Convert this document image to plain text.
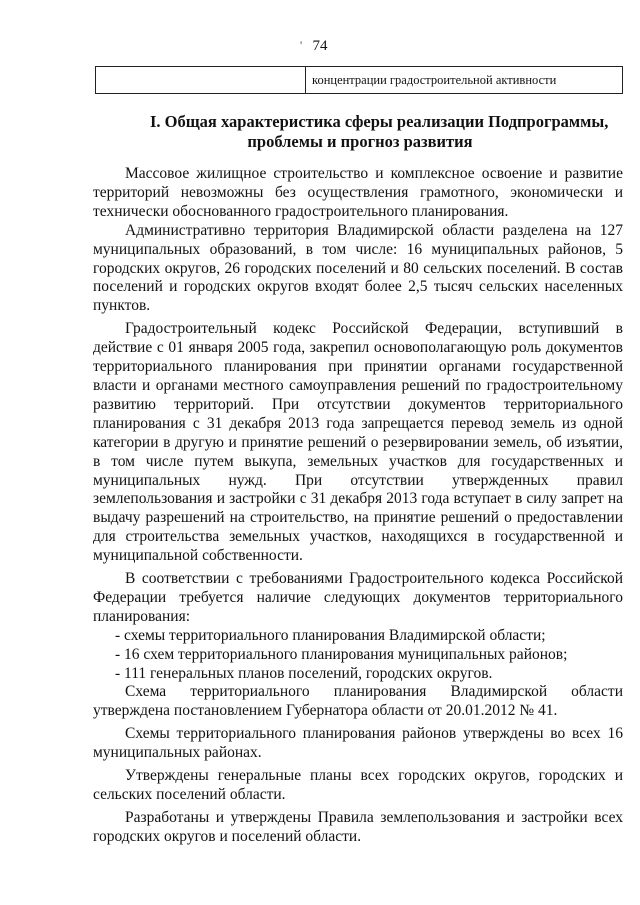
74
'
концентрации градостроительной активности
I. Общая характеристика сферы реализации Подпрограммы,
проблемы и прогноз развития

Массовое жилищное строительство и комплексное освоение и развитие территорий невозможны без осуществления грамотного, экономически и технически обоснованного градостроительного планирования.

Административно территория Владимирской области разделена на 127 муниципальных образований, в том числе: 16 муниципальных районов, 5 городских округов, 26 городских поселений и 80 сельских поселений. В состав поселений и городских округов входят более 2,5 тысяч сельских населенных пунктов.

Градостроительный кодекс Российской Федерации, вступивший в действие с 01 января 2005 года, закрепил основополагающую роль документов территориального планирования при принятии органами государственной власти и органами местного самоуправления решений по градостроительному развитию территорий. При отсутствии документов территориального планирования с 31 декабря 2013 года запрещается перевод земель из одной категории в другую и принятие решений о резервировании земель, об изъятии, в том числе путем выкупа, земельных участков для государственных и муниципальных нужд. При отсутствии утвержденных правил землепользования и застройки с 31 декабря 2013 года вступает в силу запрет на выдачу разрешений на строительство, на принятие решений о предоставлении для строительства земельных участков, находящихся в государственной и муниципальной собственности.

В соответствии с требованиями Градостроительного кодекса Российской Федерации требуется наличие следующих документов территориального планирования:

- схемы территориального планирования Владимирской области;

- 16 схем территориального планирования муниципальных районов;

- 111 генеральных планов поселений, городских округов.

Схема территориального планирования Владимирской области утверждена постановлением Губернатора области от 20.01.2012 № 41.

Схемы территориального планирования районов утверждены во всех 16 муниципальных районах.

Утверждены генеральные планы всех городских округов, городских и сельских поселений области.

Разработаны и утверждены Правила землепользования и застройки всех городских округов и поселений области.
